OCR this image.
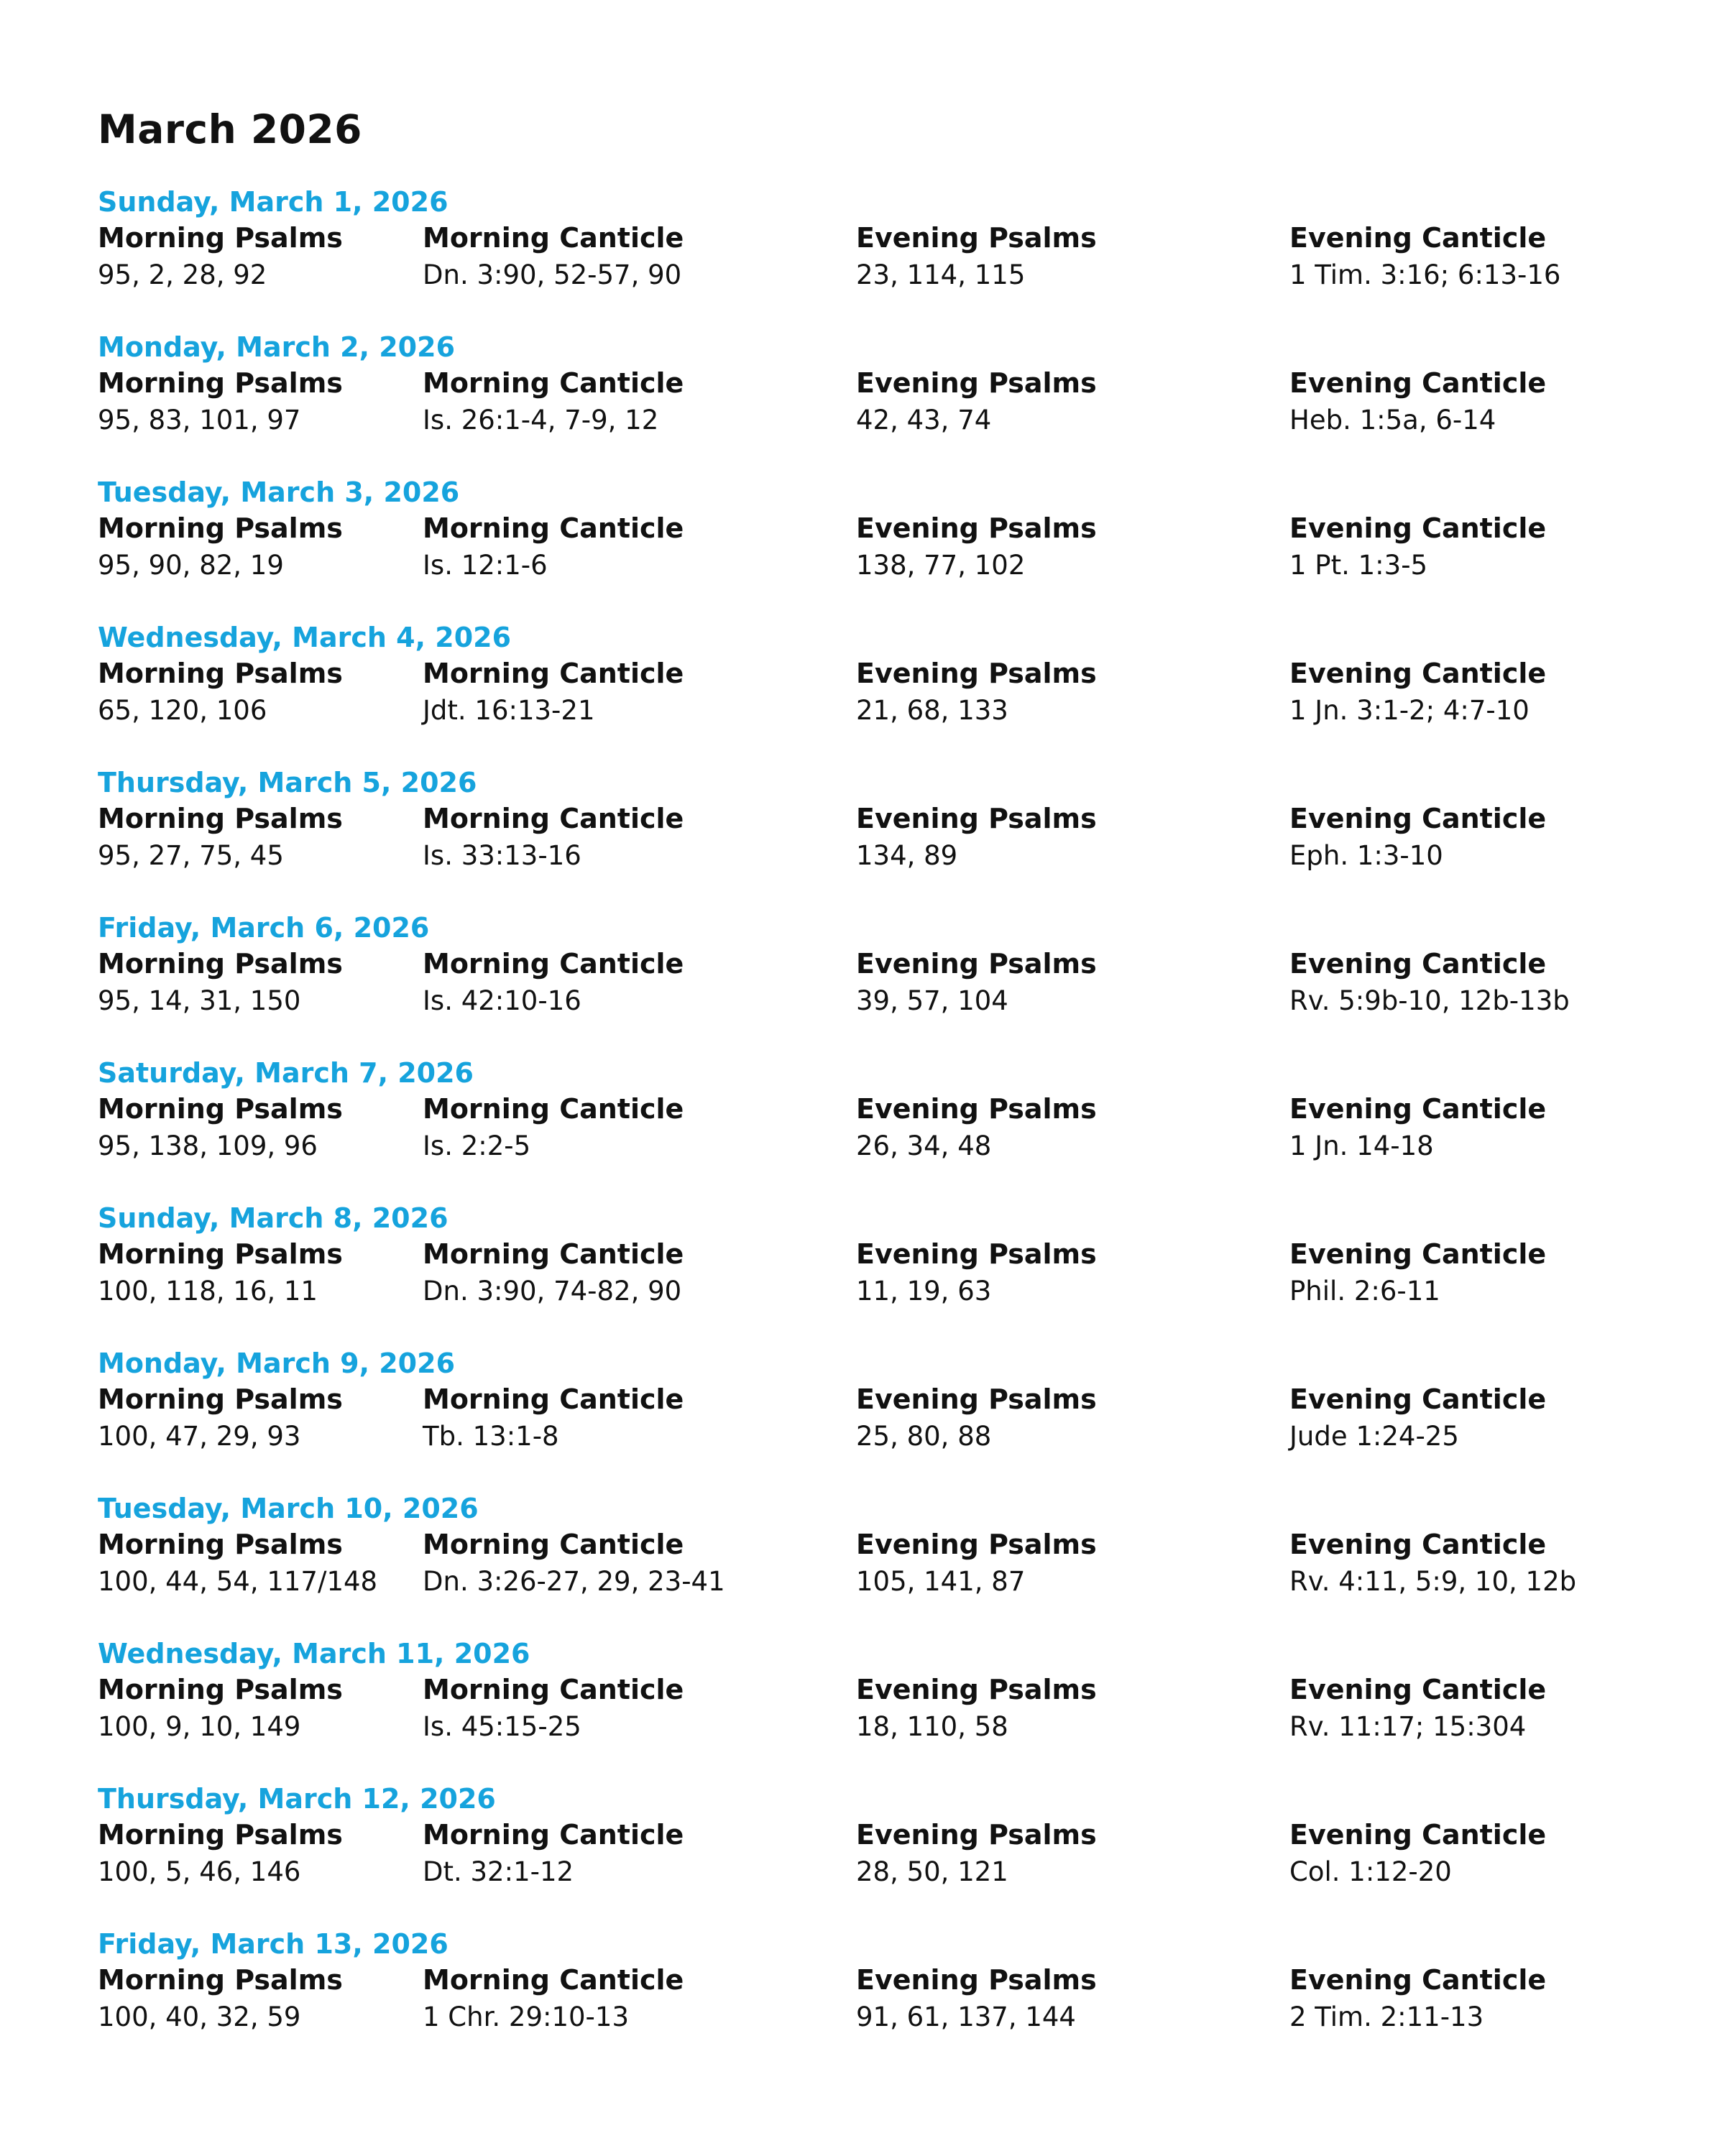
March 2026
Sunday, March 1, 2026
Morning Psalms
95, 2, 28, 92
Morning Canticle
Dn. 3:90, 52-57, 90
Evening Psalms
23, 114, 115
Evening Canticle
1 Tim. 3:16; 6:13-16
Monday, March 2, 2026
Morning Psalms
95, 83, 101, 97
Morning Canticle
Is. 26:1-4, 7-9, 12
Evening Psalms
42, 43, 74
Evening Canticle
Heb. 1:5a, 6-14
Tuesday, March 3, 2026
Morning Psalms
95, 90, 82, 19
Morning Canticle
Is. 12:1-6
Evening Psalms
138, 77, 102
Evening Canticle
1 Pt. 1:3-5
Wednesday, March 4, 2026
Morning Psalms
65, 120, 106
Morning Canticle
Jdt. 16:13-21
Evening Psalms
21, 68, 133
Evening Canticle
1 Jn. 3:1-2; 4:7-10
Thursday, March 5, 2026
Morning Psalms
95, 27, 75, 45
Morning Canticle
Is. 33:13-16
Evening Psalms
134, 89
Evening Canticle
Eph. 1:3-10
Friday, March 6, 2026
Morning Psalms
95, 14, 31, 150
Morning Canticle
Is. 42:10-16
Evening Psalms
39, 57, 104
Evening Canticle
Rv. 5:9b-10, 12b-13b
Saturday, March 7, 2026
Morning Psalms
95, 138, 109, 96
Morning Canticle
Is. 2:2-5
Evening Psalms
26, 34, 48
Evening Canticle
1 Jn. 14-18
Sunday, March 8, 2026
Morning Psalms
100, 118, 16, 11
Morning Canticle
Dn. 3:90, 74-82, 90
Evening Psalms
11, 19, 63
Evening Canticle
Phil. 2:6-11
Monday, March 9, 2026
Morning Psalms
100, 47, 29, 93
Morning Canticle
Tb. 13:1-8
Evening Psalms
25, 80, 88
Evening Canticle
Jude 1:24-25
Tuesday, March 10, 2026
Morning Psalms
100, 44, 54, 117/148
Morning Canticle
Dn. 3:26-27, 29, 23-41
Evening Psalms
105, 141, 87
Evening Canticle
Rv. 4:11, 5:9, 10, 12b
Wednesday, March 11, 2026
Morning Psalms
100, 9, 10, 149
Morning Canticle
Is. 45:15-25
Evening Psalms
18, 110, 58
Evening Canticle
Rv. 11:17; 15:304
Thursday, March 12, 2026
Morning Psalms
100, 5, 46, 146
Morning Canticle
Dt. 32:1-12
Evening Psalms
28, 50, 121
Evening Canticle
Col. 1:12-20
Friday, March 13, 2026
Morning Psalms
100, 40, 32, 59
Morning Canticle
1 Chr. 29:10-13
Evening Psalms
91, 61, 137, 144
Evening Canticle
2 Tim. 2:11-13
